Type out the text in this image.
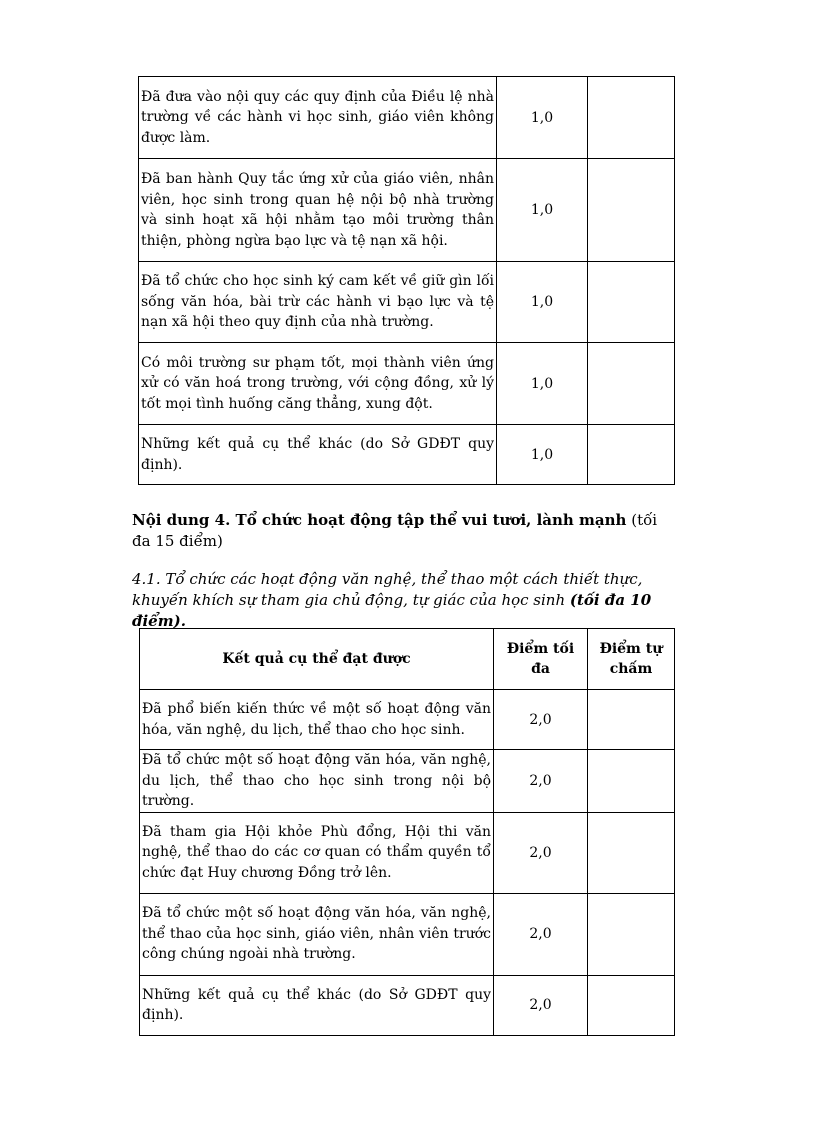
Đã đưa vào nội quy các quy định của Điều lệ nhà trường về các hành vi học sinh, giáo viên không được làm.	1,0	
Đã ban hành Quy tắc ứng xử của giáo viên, nhân viên, học sinh trong quan hệ nội bộ nhà trường và sinh hoạt xã hội nhằm tạo môi trường thân thiện, phòng ngừa bạo lực và tệ nạn xã hội.	1,0	
Đã tổ chức cho học sinh ký cam kết về giữ gìn lối sống văn hóa, bài trừ các hành vi bạo lực và tệ nạn xã hội theo quy định của nhà trường.	1,0	
Có môi trường sư phạm tốt, mọi thành viên ứng xử có văn hoá trong trường, với cộng đồng, xử lý tốt mọi tình huống căng thẳng, xung đột.	1,0	
Những kết quả cụ thể khác (do Sở GDĐT quy định).	1,0	

Nội dung 4. Tổ chức hoạt động tập thể vui tươi, lành mạnh (tối đa 15 điểm)

4.1. Tổ chức các hoạt động văn nghệ, thể thao một cách thiết thực, khuyến khích sự tham gia chủ động, tự giác của học sinh (tối đa 10 điểm).

Kết quả cụ thể đạt được	Điểm tối đa	Điểm tự chấm
Đã phổ biến kiến thức về một số hoạt động văn hóa, văn nghệ, du lịch, thể thao cho học sinh.	2,0	
Đã tổ chức một số hoạt động văn hóa, văn nghệ, du lịch, thể thao cho học sinh trong nội bộ trường.	2,0	
Đã tham gia Hội khỏe Phù đổng, Hội thi văn nghệ, thể thao do các cơ quan có thẩm quyền tổ chức đạt Huy chương Đồng trở lên.	2,0	
Đã tổ chức một số hoạt động văn hóa, văn nghệ, thể thao của học sinh, giáo viên, nhân viên trước công chúng ngoài nhà trường.	2,0	
Những kết quả cụ thể khác (do Sở GDĐT quy định).	2,0	
